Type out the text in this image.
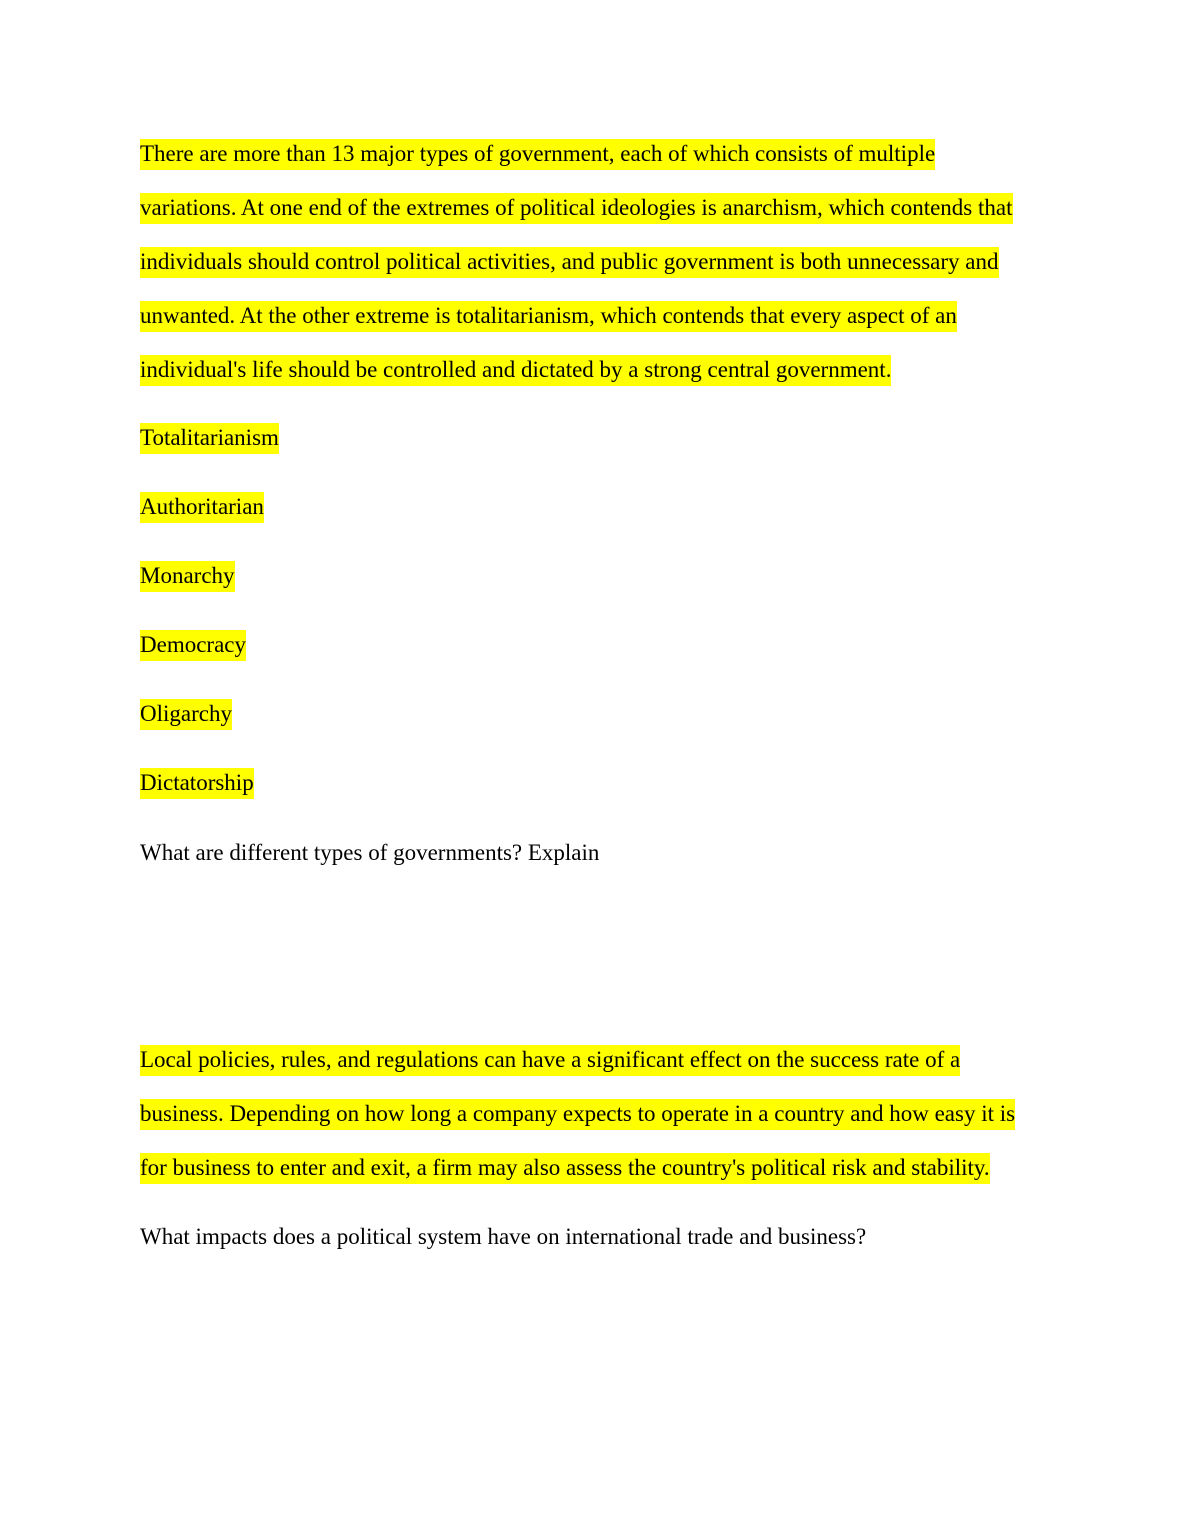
There are more than 13 major types of government, each of which consists of multiple
variations. At one end of the extremes of political ideologies is anarchism, which contends that
individuals should control political activities, and public government is both unnecessary and
unwanted. At the other extreme is totalitarianism, which contends that every aspect of an
individual's life should be controlled and dictated by a strong central government.
Totalitarianism
Authoritarian
Monarchy
Democracy
Oligarchy
Dictatorship
What are different types of governments? Explain
Local policies, rules, and regulations can have a significant effect on the success rate of a
business. Depending on how long a company expects to operate in a country and how easy it is
for business to enter and exit, a firm may also assess the country's political risk and stability.
What impacts does a political system have on international trade and business?
